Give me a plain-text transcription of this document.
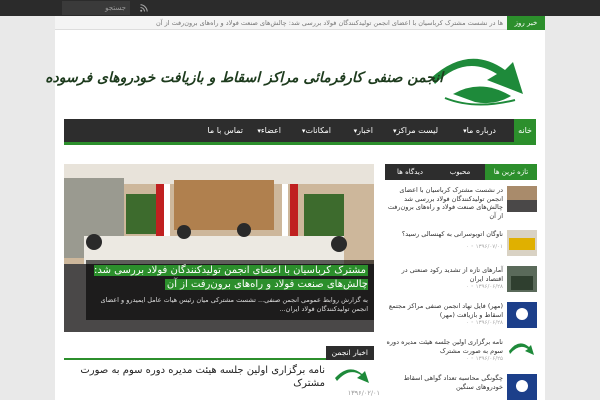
جستجو
ها در نشست مشترک کرباسیان با اعضای انجمن تولیدکنندگان فولاد بررسی شد: چالش‌های صنعت فولاد و راه‌های برون‌رفت از آن	خبر روز
انجمن صنفی کارفرمائی مراکز اسقاط و بازیافت خودروهای فرسوده
خانه
درباره ما▾
لیست مراکز▾
اخبار▾
امکانات▾
اعضاء▾
تماس با ما
مشترک کرباسیان با اعضای انجمن تولیدکنندگان فولاد بررسی شد: چالش‌های صنعت فولاد و راه‌های برون‌رفت از آن
به گزارش روابط عمومی انجمن صنفی... تشست مشترکی میان رئیس هیات عامل ایمیدرو و اعضای انجمن تولیدکنندگان فولاد ایران...
اخبار انجمن
نامه برگزاری اولین جلسه هیئت مدیره دوره سوم به صورت مشترک
۱۳۹۶/۰۲/۰۱
تازه ترین ها
محبوب
دیدگاه ها
در نشست مشترک کرباسیان با اعضای انجمن تولیدکنندگان فولاد بررسی شد چالش‌های صنعت فولاد و راه‌های برون‌رفت از آن
ناوگان اتوبوسرانی به کهنسالی رسید؟
۱۳۹۶/۰۷/۰۱ ◦ ۰
آمارهای تازه از تشدید رکود صنعتی در اقتصاد ایران
۱۳۹۶/۰۶/۲۸ ◦ ۰
(مهر) فایل نهاد انجمن صنفی مراکز مجتمع اسقاط و بازیافت (مهر)
۱۳۹۶/۰۶/۲۸ ◦ ۰
نامه برگزاری اولین جلسه هیئت مدیره دوره سوم به صورت مشترک
۱۳۹۶/۰۶/۲۵ ◦ ۰
چگونگی محاسبه تعداد گواهی اسقاط خودروهای سنگین
